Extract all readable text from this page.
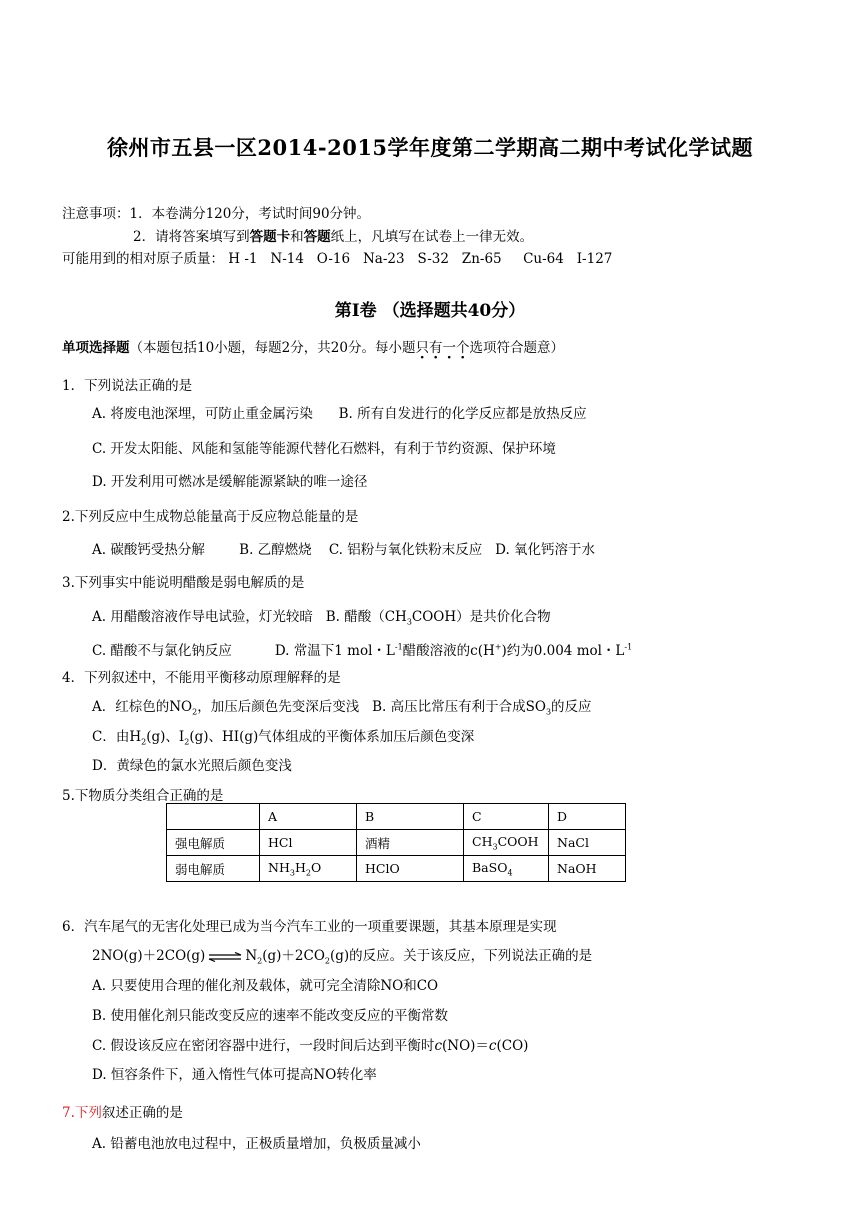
徐州市五县一区2014-2015学年度第二学期高二期中考试化学试题
注意事项：1．本卷满分120分，考试时间90分钟。
2．请将答案填写到答题卡和答题纸上，凡填写在试卷上一律无效。
可能用到的相对原子质量： H -1   N-14   O-16   Na-23   S-32   Zn-65     Cu-64   I-127
第Ⅰ卷 （选择题共40分）
单项选择题（本题包括10小题，每题2分，共20分。每小题只有一个选项符合题意）
1．下列说法正确的是
A. 将废电池深埋，可防止重金属污染      B. 所有自发进行的化学反应都是放热反应
C. 开发太阳能、风能和氢能等能源代替化石燃料，有利于节约资源、保护环境
D. 开发利用可燃冰是缓解能源紧缺的唯一途径
2.下列反应中生成物总能量高于反应物总能量的是
A. 碳酸钙受热分解        B. 乙醇燃烧    C. 铝粉与氧化铁粉末反应   D. 氧化钙溶于水
3.下列事实中能说明醋酸是弱电解质的是
A. 用醋酸溶液作导电试验，灯光较暗   B. 醋酸$(CH_3COOH)$是共价化合物
C. 醋酸不与氯化钠反应          D. 常温下1 mol・$L^{-1}$醋酸溶液的c(H+)约为0.004 mol・$L^{-1}$
4．下列叙述中，不能用平衡移动原理解释的是
A．红棕色的$NO_2$，加压后颜色先变深后变浅   B. 高压比常压有利于合成$SO_3$的反应
C．由$H_2(g)$、$I_2(g)$、HI(g)气体组成的平衡体系加压后颜色变深
D．黄绿色的氯水光照后颜色变浅
5.下物质分类组合正确的是
	A	B	C	D
强电解质	HCl	酒精	$CH_3COOH$	NaCl
弱电解质	$NH_3H_2O$	HClO	BaSO$_4$	NaOH
6．汽车尾气的无害化处理已成为当今汽车工业的一项重要课题，其基本原理是实现
2NO(g)＋2CO(g) ⇌ $N_2(g)+2CO_2(g)$的反应。关于该反应，下列说法正确的是
A. 只要使用合理的催化剂及载体，就可完全清除NO和CO
B. 使用催化剂只能改变反应的速率不能改变反应的平衡常数
C. 假设该反应在密闭容器中进行，一段时间后达到平衡时c(NO)＝c(CO)
D. 恒容条件下，通入惰性气体可提高NO转化率
7.下列叙述正确的是
A. 铅蓄电池放电过程中，正极质量增加，负极质量减小
